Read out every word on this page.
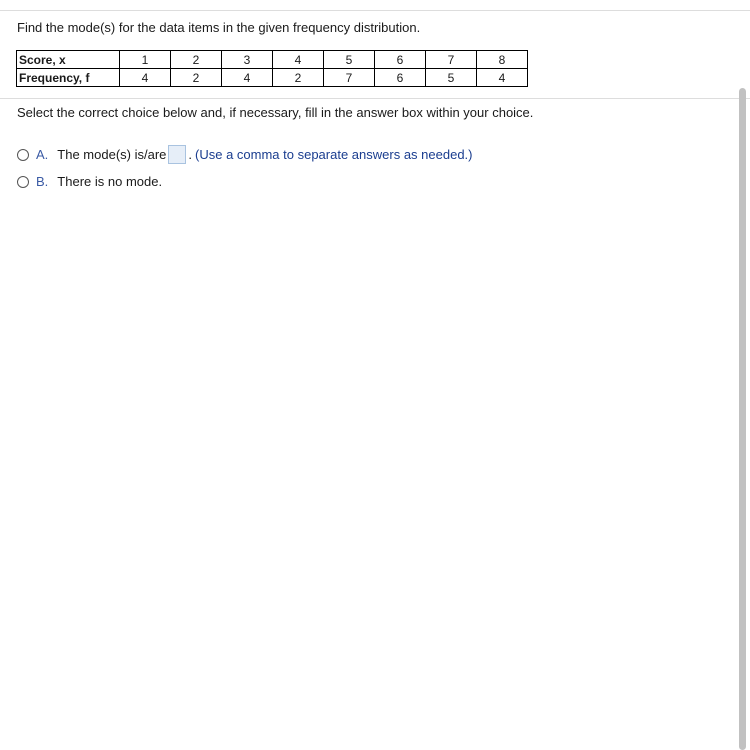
Find the mode(s) for the data items in the given frequency distribution.
Score, x	1	2	3	4	5	6	7	8
Frequency, f	4	2	4	2	7	6	5	4
Select the correct choice below and, if necessary, fill in the answer box within your choice.
A. The mode(s) is/are . (Use a comma to separate answers as needed.)
B. There is no mode.
